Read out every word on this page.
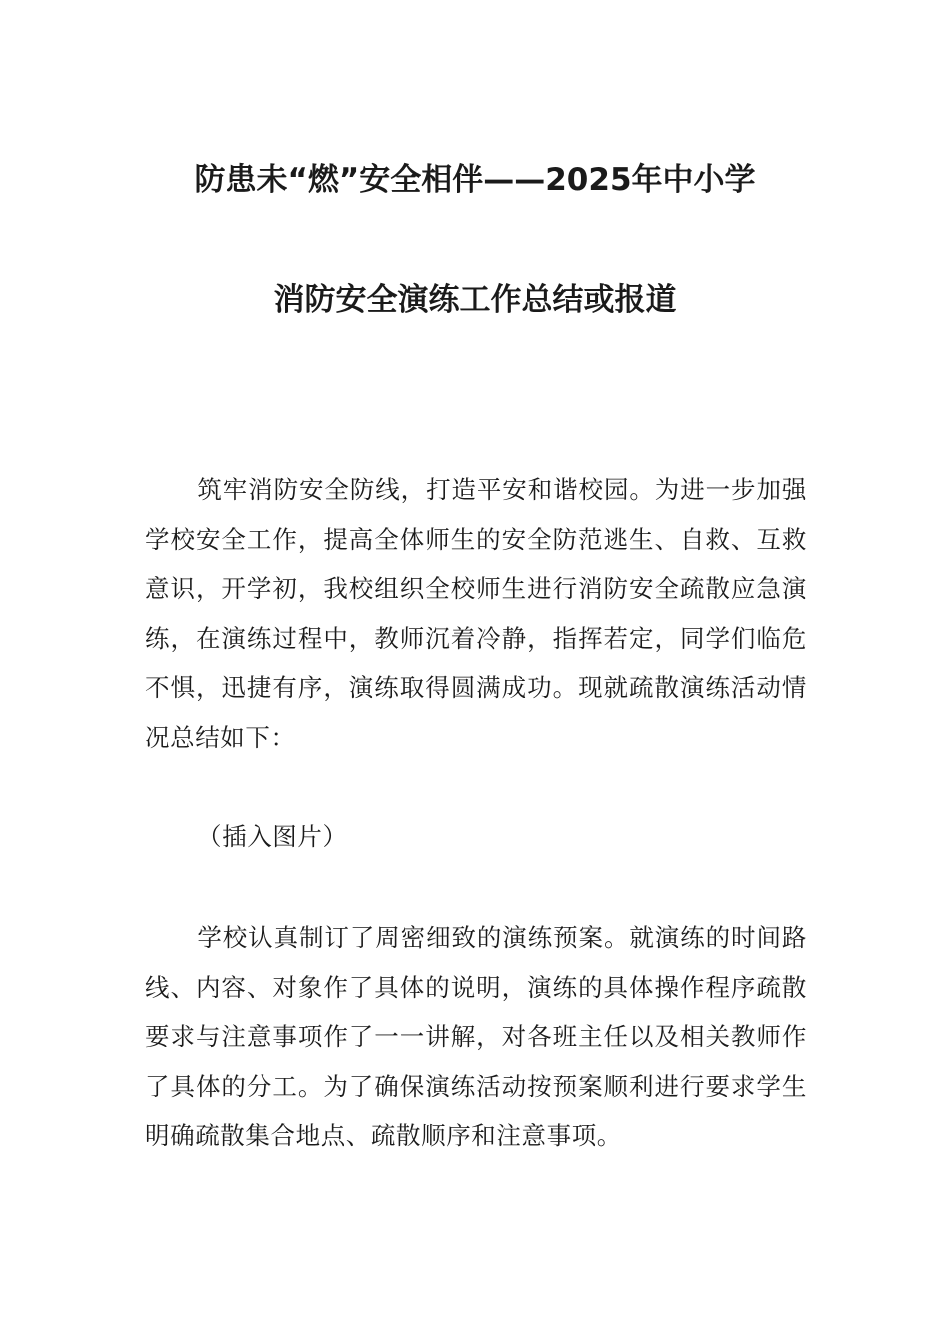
防患未“燃”安全相伴——2025年中小学
消防安全演练工作总结或报道

筑牢消防安全防线，打造平安和谐校园。为进一步加强学校安全工作，提高全体师生的安全防范逃生、自救、互救意识，开学初，我校组织全校师生进行消防安全疏散应急演练，在演练过程中，教师沉着冷静，指挥若定，同学们临危不惧，迅捷有序，演练取得圆满成功。现就疏散演练活动情况总结如下：

（插入图片）

学校认真制订了周密细致的演练预案。就演练的时间路线、内容、对象作了具体的说明，演练的具体操作程序疏散要求与注意事项作了一一讲解，对各班主任以及相关教师作了具体的分工。为了确保演练活动按预案顺利进行要求学生明确疏散集合地点、疏散顺序和注意事项。
